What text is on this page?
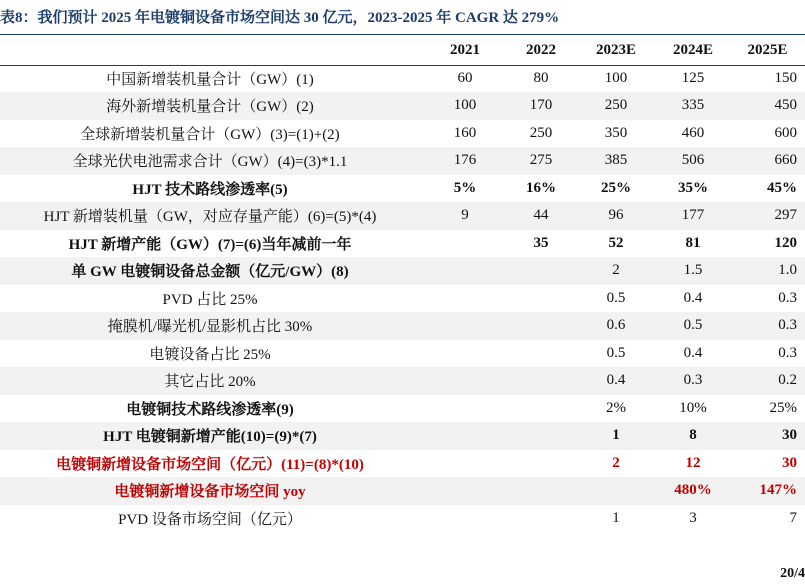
表8：我们预计 2025 年电镀铜设备市场空间达 30 亿元，2023-2025 年 CAGR 达 279%
	2021	2022	2023E	2024E	2025E
中国新增装机量合计（GW）(1)	60	80	100	125	150
海外新增装机量合计（GW）(2)	100	170	250	335	450
全球新增装机量合计（GW）(3)=(1)+(2)	160	250	350	460	600
全球光伏电池需求合计（GW）(4)=(3)*1.1	176	275	385	506	660
HJT 技术路线渗透率(5)	5%	16%	25%	35%	45%
HJT 新增装机量（GW，对应存量产能）(6)=(5)*(4)	9	44	96	177	297
HJT 新增产能（GW）(7)=(6)当年减前一年		35	52	81	120
单 GW 电镀铜设备总金额（亿元/GW）(8)			2	1.5	1.0
PVD 占比 25%			0.5	0.4	0.3
掩膜机/曝光机/显影机占比 30%			0.6	0.5	0.3
电镀设备占比 25%			0.5	0.4	0.3
其它占比 20%			0.4	0.3	0.2
电镀铜技术路线渗透率(9)			2%	10%	25%
HJT 电镀铜新增产能(10)=(9)*(7)			1	8	30
电镀铜新增设备市场空间（亿元）(11)=(8)*(10)			2	12	30
电镀铜新增设备市场空间 yoy				480%	147%
PVD 设备市场空间（亿元）			1	3	7
20/4
